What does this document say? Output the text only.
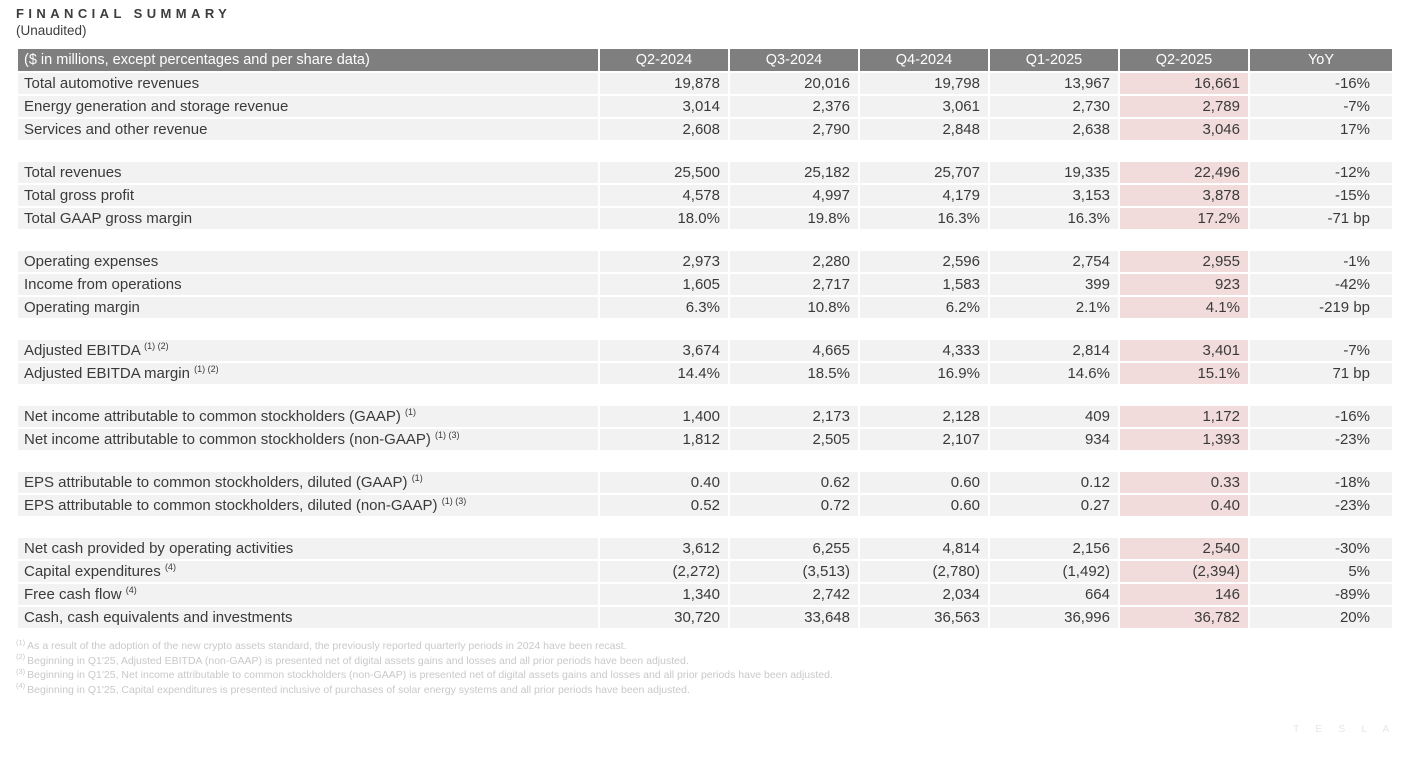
FINANCIAL SUMMARY
(Unaudited)
($ in millions, except percentages and per share data)	Q2-2024	Q3-2024	Q4-2024	Q1-2025	Q2-2025	YoY
Total automotive revenues	19,878	20,016	19,798	13,967	16,661	-16%
Energy generation and storage revenue	3,014	2,376	3,061	2,730	2,789	-7%
Services and other revenue	2,608	2,790	2,848	2,638	3,046	17%

Total revenues	25,500	25,182	25,707	19,335	22,496	-12%
Total gross profit	4,578	4,997	4,179	3,153	3,878	-15%
Total GAAP gross margin	18.0%	19.8%	16.3%	16.3%	17.2%	-71 bp

Operating expenses	2,973	2,280	2,596	2,754	2,955	-1%
Income from operations	1,605	2,717	1,583	399	923	-42%
Operating margin	6.3%	10.8%	6.2%	2.1%	4.1%	-219 bp

Adjusted EBITDA $^{(1) (2)}$	3,674	4,665	4,333	2,814	3,401	-7%
Adjusted EBITDA margin $^{(1) (2)}$	14.4%	18.5%	16.9%	14.6%	15.1%	71 bp

Net income attributable to common stockholders (GAAP) $^{(1)}$	1,400	2,173	2,128	409	1,172	-16%
Net income attributable to common stockholders (non-GAAP) $^{(1) (3)}$	1,812	2,505	2,107	934	1,393	-23%

EPS attributable to common stockholders, diluted (GAAP) $^{(1)}$	0.40	0.62	0.60	0.12	0.33	-18%
EPS attributable to common stockholders, diluted (non-GAAP) $^{(1) (3)}$	0.52	0.72	0.60	0.27	0.40	-23%

Net cash provided by operating activities	3,612	6,255	4,814	2,156	2,540	-30%
Capital expenditures $^{(4)}$	(2,272)	(3,513)	(2,780)	(1,492)	(2,394)	5%
Free cash flow $^{(4)}$	1,340	2,742	2,034	664	146	-89%
Cash, cash equivalents and investments	30,720	33,648	36,563	36,996	36,782	20%
$^{(1)}$ As a result of the adoption of the new crypto assets standard, the previously reported quarterly periods in 2024 have been recast.
$^{(2)}$ Beginning in Q1'25, Adjusted EBITDA (non-GAAP) is presented net of digital assets gains and losses and all prior periods have been adjusted.
$^{(3)}$ Beginning in Q1'25, Net income attributable to common stockholders (non-GAAP) is presented net of digital assets gains and losses and all prior periods have been adjusted.
$^{(4)}$ Beginning in Q1'25, Capital expenditures is presented inclusive of purchases of solar energy systems and all prior periods have been adjusted.
T E S L A
